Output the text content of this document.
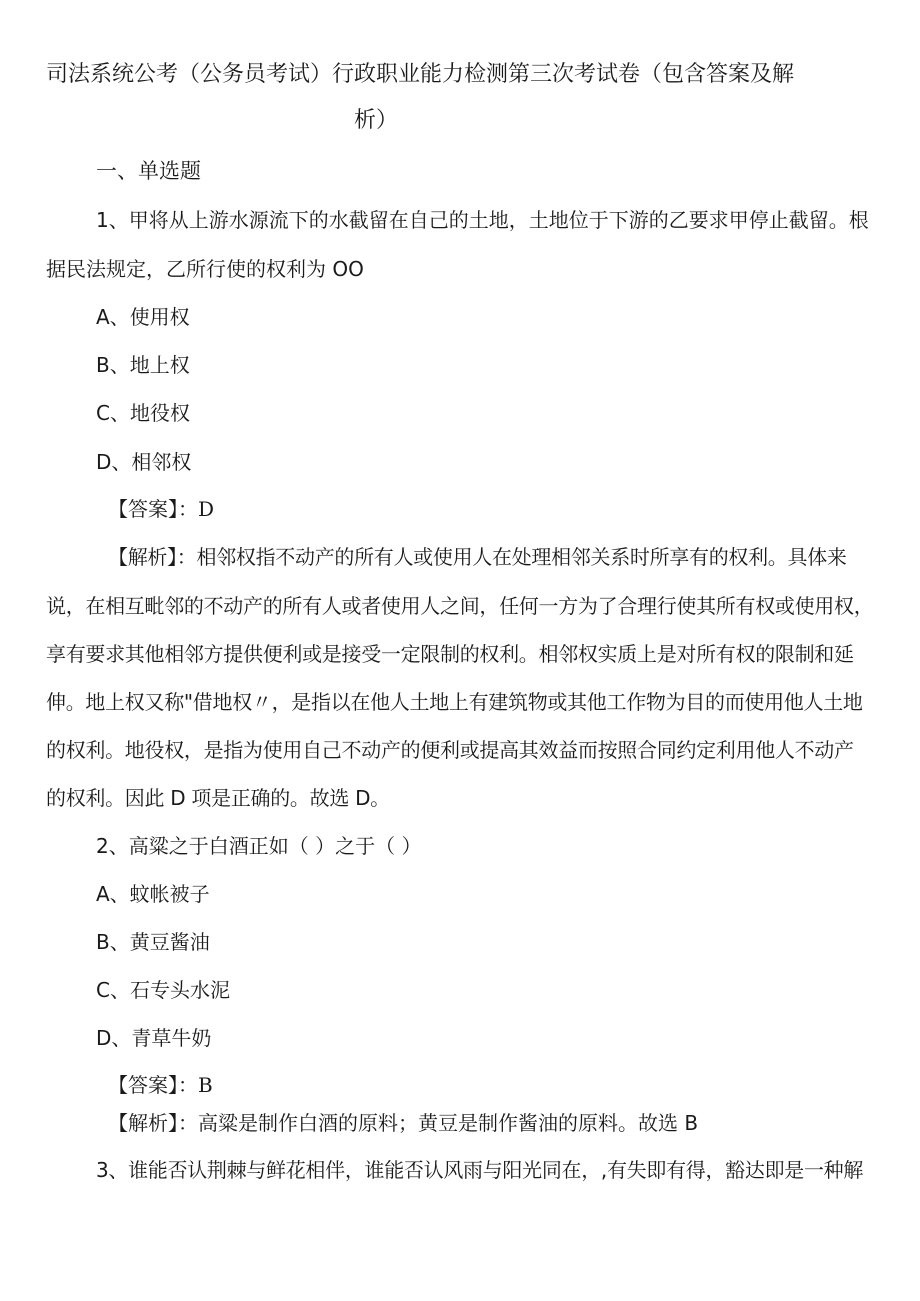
司法系统公考（公务员考试）行政职业能力检测第三次考试卷（包含答案及解
析）
一、单选题
1、甲将从上游水源流下的水截留在自己的土地，土地位于下游的乙要求甲停止截留。根
据民法规定，乙所行使的权利为 OO
A、使用权
B、地上权
C、地役权
D、相邻权
【答案】：D
【解析】：相邻权指不动产的所有人或使用人在处理相邻关系时所享有的权利。具体来
说，在相互毗邻的不动产的所有人或者使用人之间，任何一方为了合理行使其所有权或使用权，
享有要求其他相邻方提供便利或是接受一定限制的权利。相邻权实质上是对所有权的限制和延
伸。地上权又称"借地权〃，是指以在他人土地上有建筑物或其他工作物为目的而使用他人土地
的权利。地役权，是指为使用自己不动产的便利或提高其效益而按照合同约定利用他人不动产
的权利。因此 D 项是正确的。故选 D。
2、高粱之于白酒正如（ ）之于（ ）
A、蚊帐被子
B、黄豆酱油
C、石专头水泥
D、青草牛奶
【答案】：B
【解析】：高粱是制作白酒的原料；黄豆是制作酱油的原料。故选 B
3、谁能否认荆棘与鲜花相伴，谁能否认风雨与阳光同在，,有失即有得，豁达即是一种解
